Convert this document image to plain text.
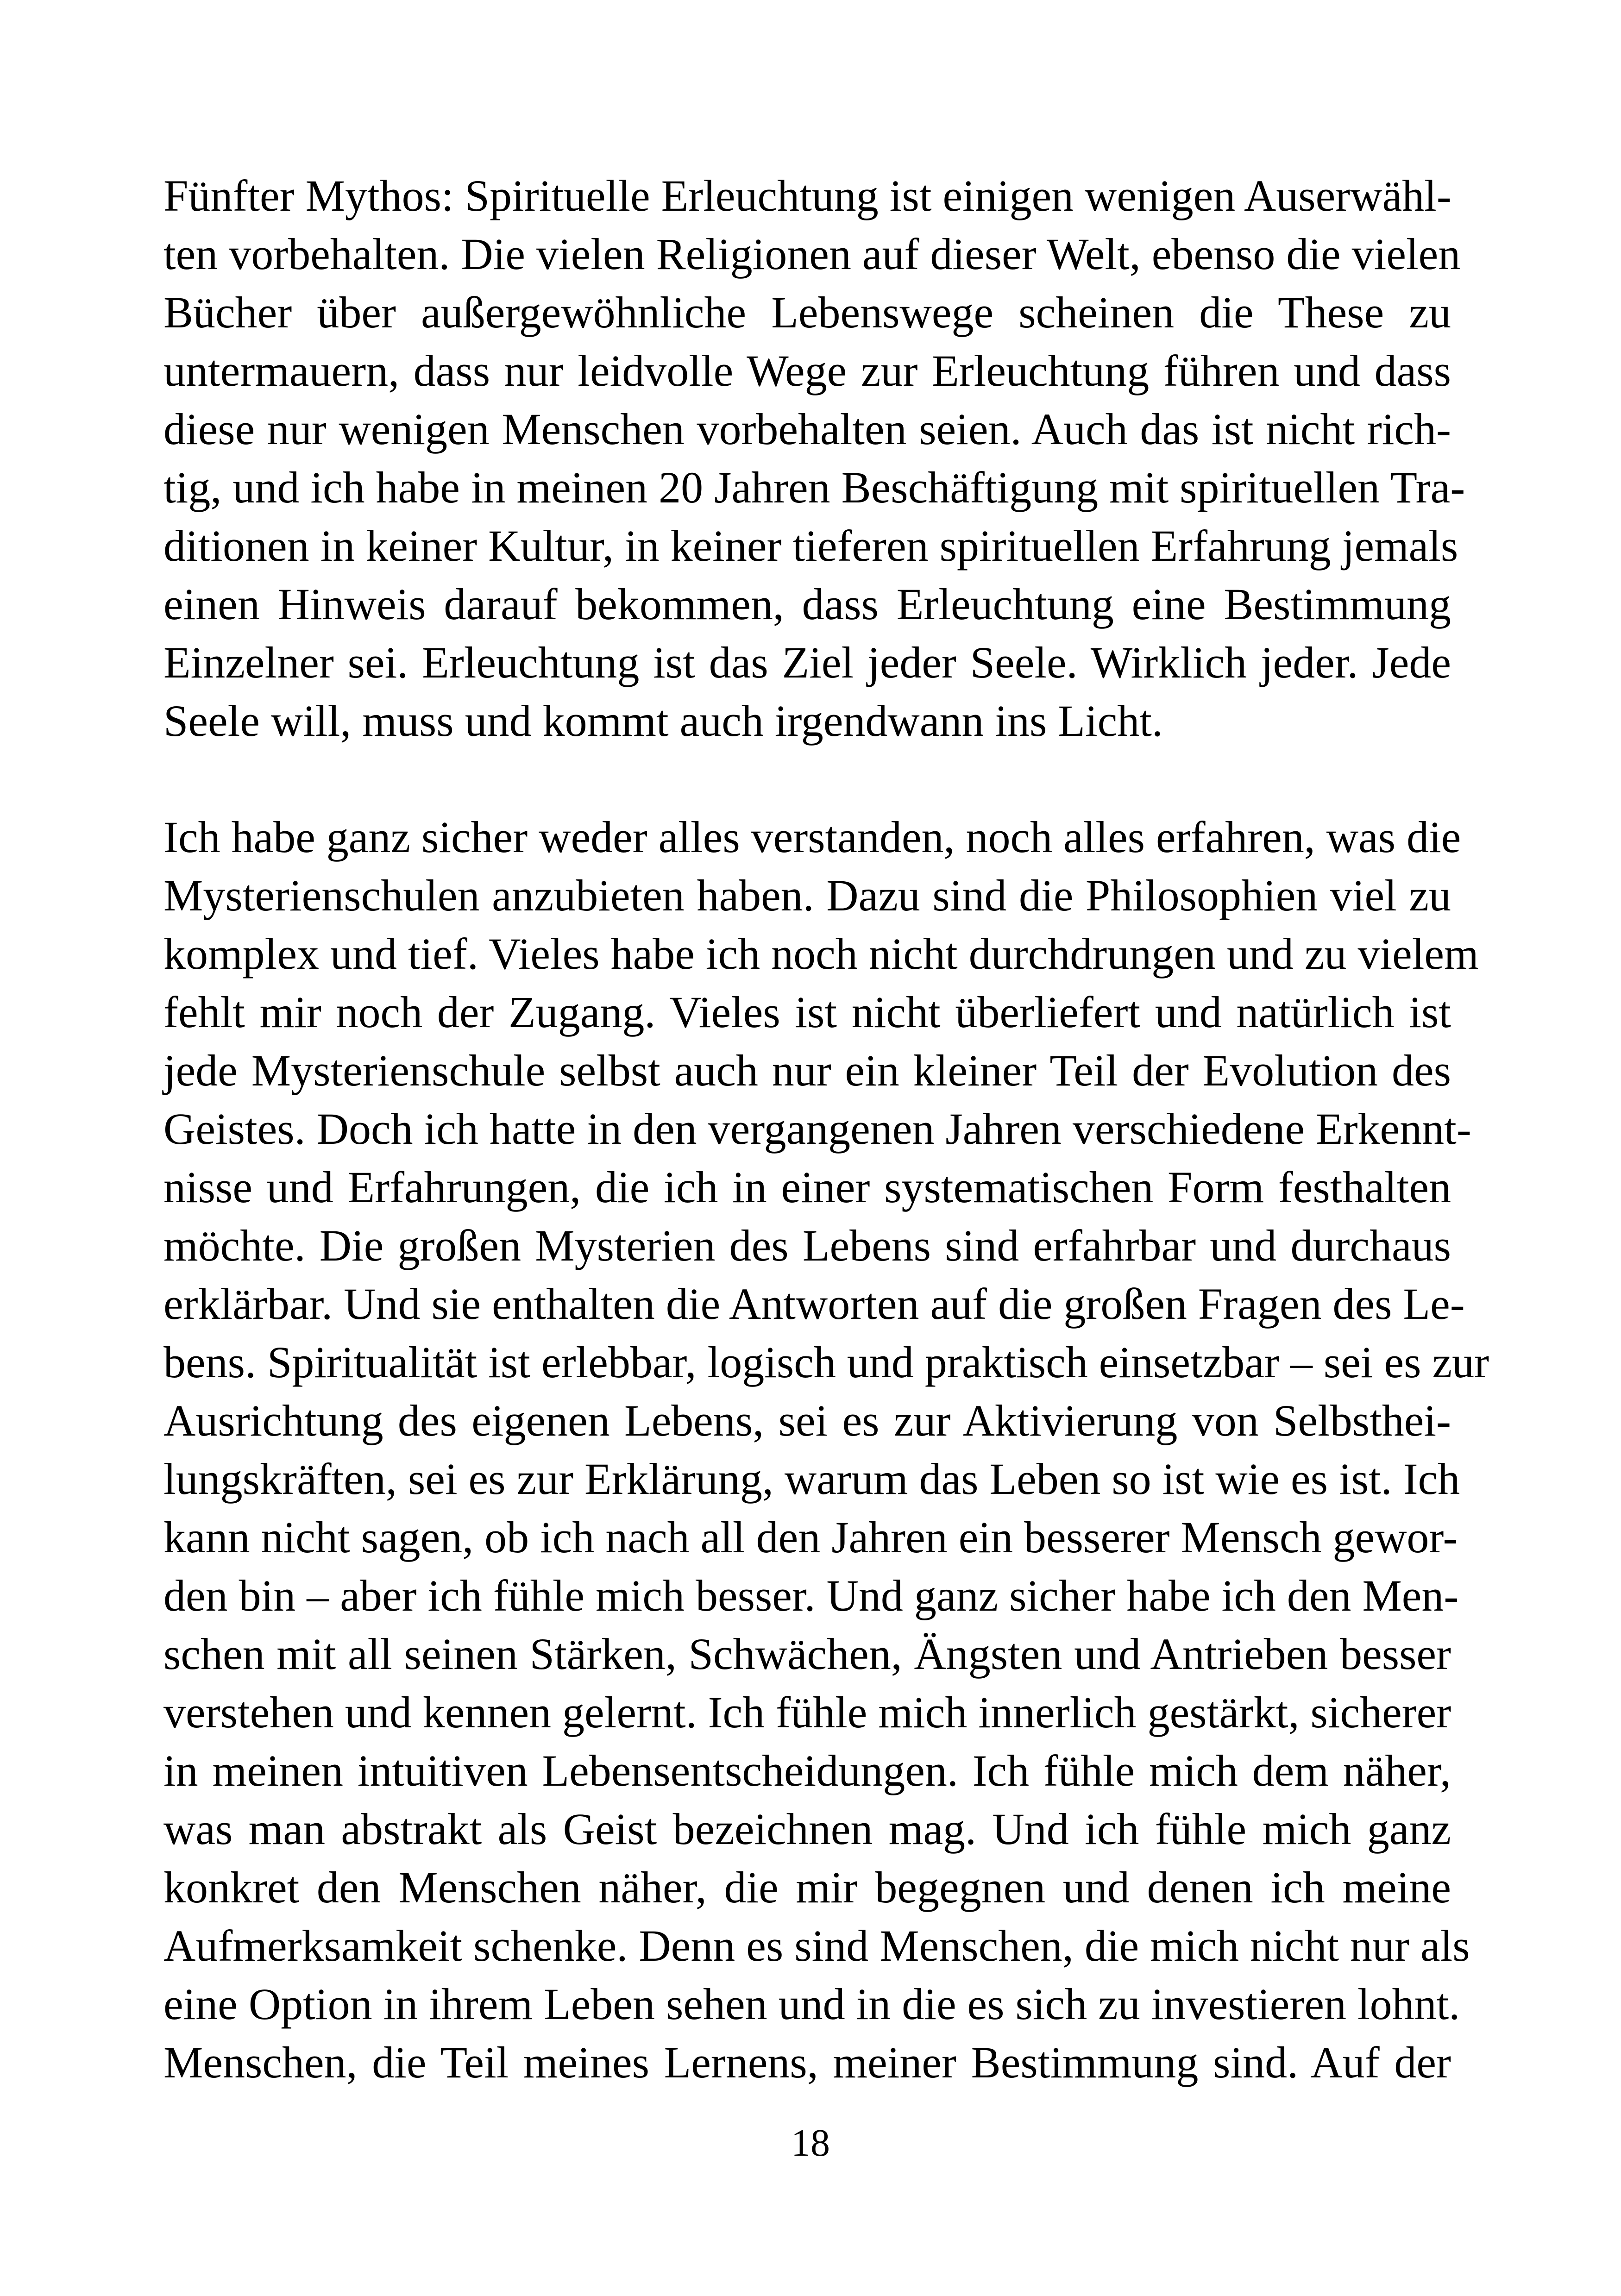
Fünfter Mythos: Spirituelle Erleuchtung ist einigen wenigen Auserwähl-
ten vorbehalten. Die vielen Religionen auf dieser Welt, ebenso die vielen
Bücher über außergewöhnliche Lebenswege scheinen die These zu
untermauern, dass nur leidvolle Wege zur Erleuchtung führen und dass
diese nur wenigen Menschen vorbehalten seien. Auch das ist nicht rich-
tig, und ich habe in meinen 20 Jahren Beschäftigung mit spirituellen Tra-
ditionen in keiner Kultur, in keiner tieferen spirituellen Erfahrung jemals
einen Hinweis darauf bekommen, dass Erleuchtung eine Bestimmung
Einzelner sei. Erleuchtung ist das Ziel jeder Seele. Wirklich jeder. Jede
Seele will, muss und kommt auch irgendwann ins Licht.
Ich habe ganz sicher weder alles verstanden, noch alles erfahren, was die
Mysterienschulen anzubieten haben. Dazu sind die Philosophien viel zu
komplex und tief. Vieles habe ich noch nicht durchdrungen und zu vielem
fehlt mir noch der Zugang. Vieles ist nicht überliefert und natürlich ist
jede Mysterienschule selbst auch nur ein kleiner Teil der Evolution des
Geistes. Doch ich hatte in den vergangenen Jahren verschiedene Erkennt-
nisse und Erfahrungen, die ich in einer systematischen Form festhalten
möchte. Die großen Mysterien des Lebens sind erfahrbar und durchaus
erklärbar. Und sie enthalten die Antworten auf die großen Fragen des Le-
bens. Spiritualität ist erlebbar, logisch und praktisch einsetzbar – sei es zur
Ausrichtung des eigenen Lebens, sei es zur Aktivierung von Selbsthei-
lungskräften, sei es zur Erklärung, warum das Leben so ist wie es ist. Ich
kann nicht sagen, ob ich nach all den Jahren ein besserer Mensch gewor-
den bin – aber ich fühle mich besser. Und ganz sicher habe ich den Men-
schen mit all seinen Stärken, Schwächen, Ängsten und Antrieben besser
verstehen und kennen gelernt. Ich fühle mich innerlich gestärkt, sicherer
in meinen intuitiven Lebensentscheidungen. Ich fühle mich dem näher,
was man abstrakt als Geist bezeichnen mag. Und ich fühle mich ganz
konkret den Menschen näher, die mir begegnen und denen ich meine
Aufmerksamkeit schenke. Denn es sind Menschen, die mich nicht nur als
eine Option in ihrem Leben sehen und in die es sich zu investieren lohnt.
Menschen, die Teil meines Lernens, meiner Bestimmung sind. Auf der
18
